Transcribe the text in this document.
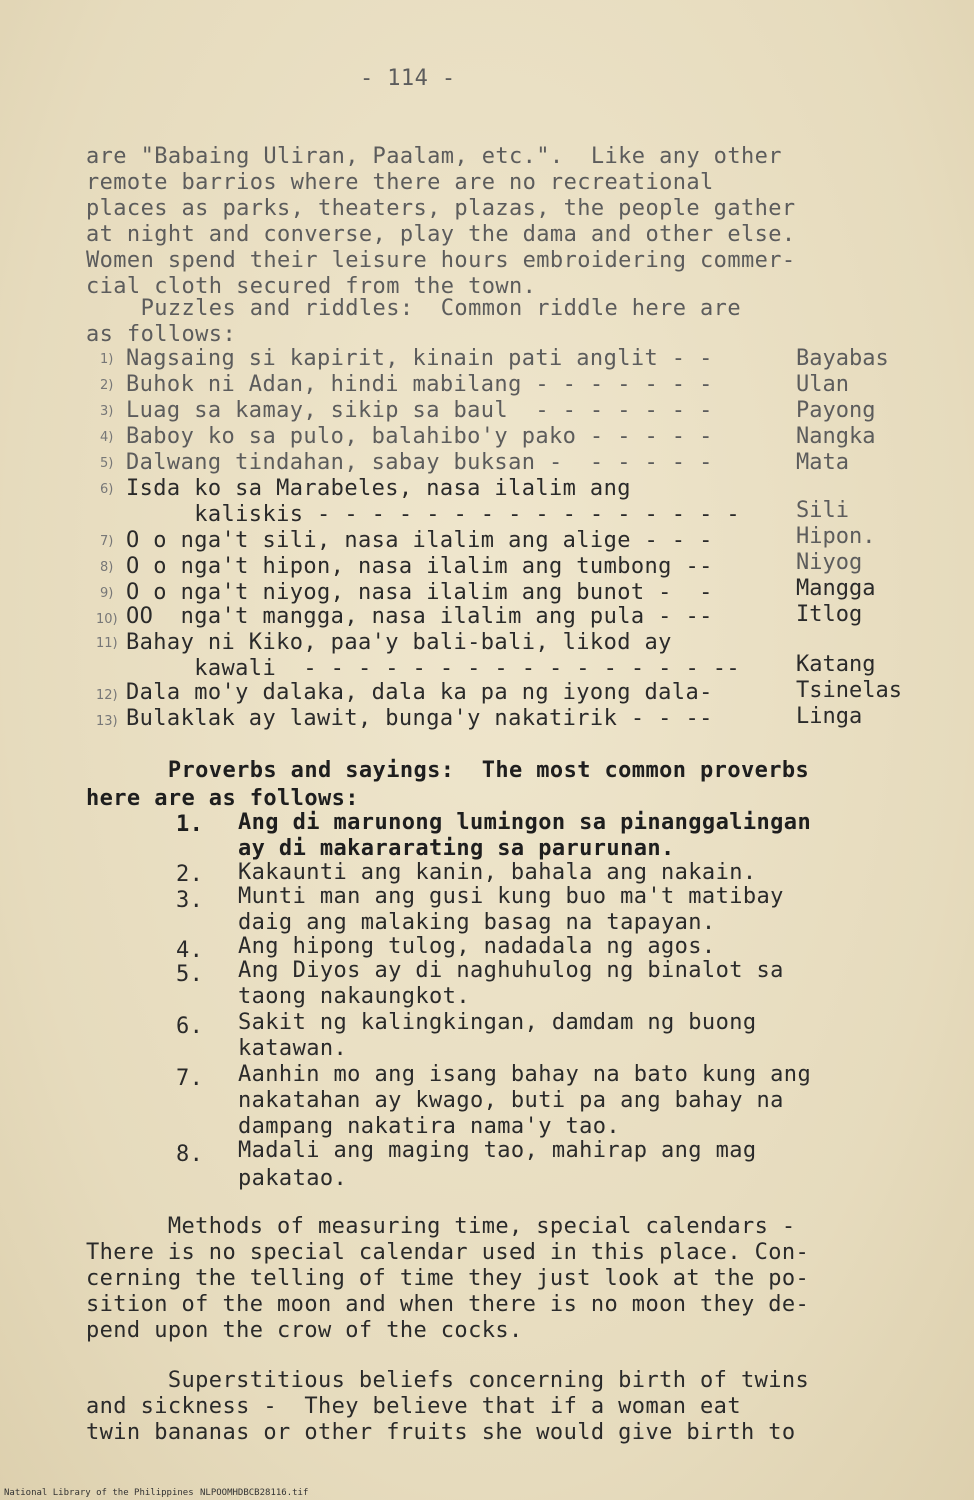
- 114 -
are "Babaing Uliran, Paalam, etc.".  Like any other
remote barrios where there are no recreational
places as parks, theaters, plazas, the people gather
at night and converse, play the dama and other else.
Women spend their leisure hours embroidering commer-
cial cloth secured from the town.
Puzzles and riddles:  Common riddle here are
as follows:
1) Nagsaing si kapirit, kinain pati anglit - -	Bayabas
2) Buhok ni Adan, hindi mabilang - - - - - - -	Ulan
3) Luag sa kamay, sikip sa baul  - - - - - - -	Payong
4) Baboy ko sa pulo, balahibo'y pako - - - - -	Nangka
5) Dalwang tindahan, sabay buksan -  - - - - -	Mata
6) Isda ko sa Marabeles, nasa ilalim ang
kaliskis - - - - - - - - - - - - - - - -	Sili
7) O o nga't sili, nasa ilalim ang alige - - -	Hipon.
8) O o nga't hipon, nasa ilalim ang tumbong --	Niyog
9) O o nga't niyog, nasa ilalim ang bunot -  -	Mangga
10) OO  nga't mangga, nasa ilalim ang pula - --	Itlog
11) Bahay ni Kiko, paa'y bali-bali, likod ay
kawali  - - - - - - - - - - - - - - - --	Katang
12) Dala mo'y dalaka, dala ka pa ng iyong dala-	Tsinelas
13) Bulaklak ay lawit, bunga'y nakatirik - - --	Linga
Proverbs and sayings:  The most common proverbs
here are as follows:
1. Ang di marunong lumingon sa pinanggalingan
ay di makararating sa parurunan.
2. Kakaunti ang kanin, bahala ang nakain.
3. Munti man ang gusi kung buo ma't matibay
daig ang malaking basag na tapayan.
4. Ang hipong tulog, nadadala ng agos.
5. Ang Diyos ay di naghuhulog ng binalot sa
taong nakaungkot.
6. Sakit ng kalingkingan, damdam ng buong
katawan.
7. Aanhin mo ang isang bahay na bato kung ang
nakatahan ay kwago, buti pa ang bahay na
dampang nakatira nama'y tao.
8. Madali ang maging tao, mahirap ang mag
pakatao.
Methods of measuring time, special calendars -
There is no special calendar used in this place. Con-
cerning the telling of time they just look at the po-
sition of the moon and when there is no moon they de-
pend upon the crow of the cocks.
Superstitious beliefs concerning birth of twins
and sickness -  They believe that if a woman eat
twin bananas or other fruits she would give birth to
National Library of the Philippines NLPOOMHDBCB28116.tif
